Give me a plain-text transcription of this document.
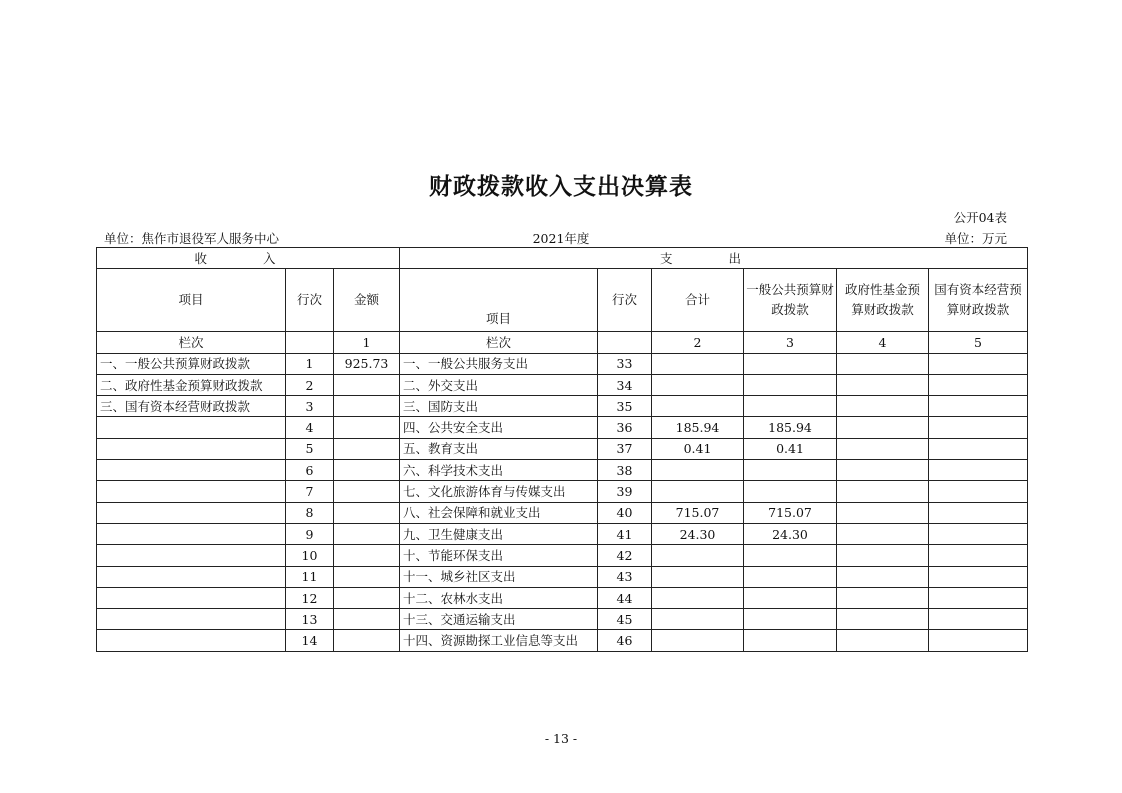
财政拨款收入支出决算表
公开04表
单位：焦作市退役军人服务中心	2021年度	单位：万元
收 入			支 出					
项目	行次	金额	项目	行次	合计	一般公共预算财政拨款	政府性基金预算财政拨款	国有资本经营预算财政拨款
栏次		1	栏次		2	3	4	5
一、一般公共预算财政拨款	1	925.73	一、一般公共服务支出	33				
二、政府性基金预算财政拨款	2		二、外交支出	34				
三、国有资本经营财政拨款	3		三、国防支出	35				
	4		四、公共安全支出	36	185.94	185.94		
	5		五、教育支出	37	0.41	0.41		
	6		六、科学技术支出	38				
	7		七、文化旅游体育与传媒支出	39				
	8		八、社会保障和就业支出	40	715.07	715.07		
	9		九、卫生健康支出	41	24.30	24.30		
	10		十、节能环保支出	42				
	11		十一、城乡社区支出	43				
	12		十二、农林水支出	44				
	13		十三、交通运输支出	45				
	14		十四、资源勘探工业信息等支出	46				
- 13 -
